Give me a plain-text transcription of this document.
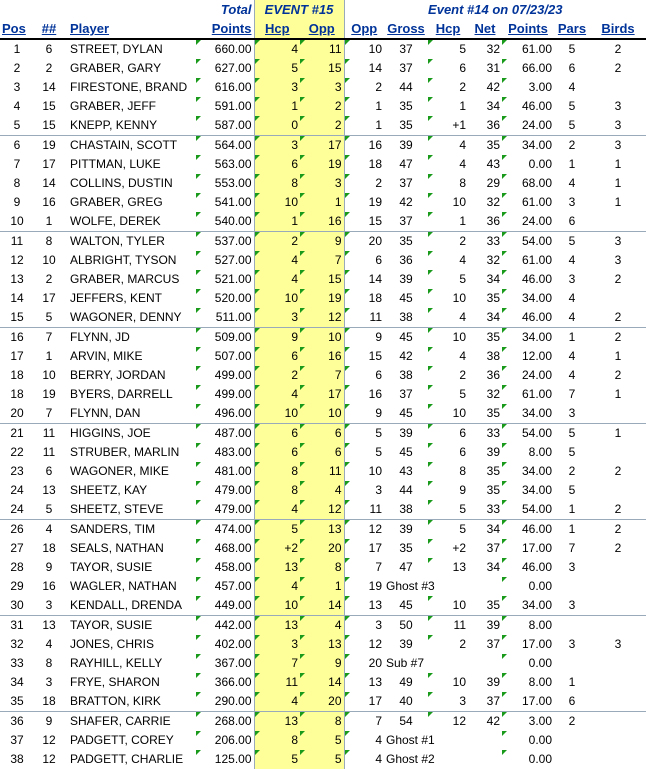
			Total	EVENT #15		Event #14 on 07/23/23						
Pos	##	Player	Points	Hcp	Opp	Opp	Gross	Hcp	Net	Points	Pars	Birds
1	6	STREET, DYLAN	660.00	4	11	10	37	5	32	61.00	5	2
2	2	GRABER, GARY	627.00	5	15	14	37	6	31	66.00	6	2
3	14	FIRESTONE, BRAND	616.00	3	3	2	44	2	42	3.00	4	
4	15	GRABER, JEFF	591.00	1	2	1	35	1	34	46.00	5	3
5	15	KNEPP, KENNY	587.00	0	2	1	35	+1	36	24.00	5	3
6	19	CHASTAIN, SCOTT	564.00	3	17	16	39	4	35	34.00	2	3
7	17	PITTMAN, LUKE	563.00	6	19	18	47	4	43	0.00	1	1
8	14	COLLINS, DUSTIN	553.00	8	3	2	37	8	29	68.00	4	1
9	16	GRABER, GREG	541.00	10	1	19	42	10	32	61.00	3	1
10	1	WOLFE, DEREK	540.00	1	16	15	37	1	36	24.00	6	
11	8	WALTON, TYLER	537.00	2	9	20	35	2	33	54.00	5	3
12	10	ALBRIGHT, TYSON	527.00	4	7	6	36	4	32	61.00	4	3
13	2	GRABER, MARCUS	521.00	4	15	14	39	5	34	46.00	3	2
14	17	JEFFERS, KENT	520.00	10	19	18	45	10	35	34.00	4	
15	5	WAGONER, DENNY	511.00	3	12	11	38	4	34	46.00	4	2
16	7	FLYNN, JD	509.00	9	10	9	45	10	35	34.00	1	2
17	1	ARVIN, MIKE	507.00	6	16	15	42	4	38	12.00	4	1
18	10	BERRY, JORDAN	499.00	2	7	6	38	2	36	24.00	4	2
18	19	BYERS, DARRELL	499.00	4	17	16	37	5	32	61.00	7	1
20	7	FLYNN, DAN	496.00	10	10	9	45	10	35	34.00	3	
21	11	HIGGINS, JOE	487.00	6	6	5	39	6	33	54.00	5	1
22	11	STRUBER, MARLIN	483.00	6	6	5	45	6	39	8.00	5	
23	6	WAGONER, MIKE	481.00	8	11	10	43	8	35	34.00	2	2
24	13	SHEETZ, KAY	479.00	8	4	3	44	9	35	34.00	5	
24	5	SHEETZ, STEVE	479.00	4	12	11	38	5	33	54.00	1	2
26	4	SANDERS, TIM	474.00	5	13	12	39	5	34	46.00	1	2
27	18	SEALS, NATHAN	468.00	+2	20	17	35	+2	37	17.00	7	2
28	9	TAYOR, SUSIE	458.00	13	8	7	47	13	34	46.00	3	
29	16	WAGLER, NATHAN	457.00	4	1	19	Ghost #3			0.00		
30	3	KENDALL, DRENDA	449.00	10	14	13	45	10	35	34.00	3	
31	13	TAYOR, SUSIE	442.00	13	4	3	50	11	39	8.00		
32	4	JONES, CHRIS	402.00	3	13	12	39	2	37	17.00	3	3
33	8	RAYHILL, KELLY	367.00	7	9	20	Sub #7			0.00		
34	3	FRYE, SHARON	366.00	11	14	13	49	10	39	8.00	1	
35	18	BRATTON, KIRK	290.00	4	20	17	40	3	37	17.00	6	
36	9	SHAFER, CARRIE	268.00	13	8	7	54	12	42	3.00	2	
37	12	PADGETT, COREY	206.00	8	5	4	Ghost #1			0.00		
38	12	PADGETT, CHARLIE	125.00	5	5	4	Ghost #2			0.00		
